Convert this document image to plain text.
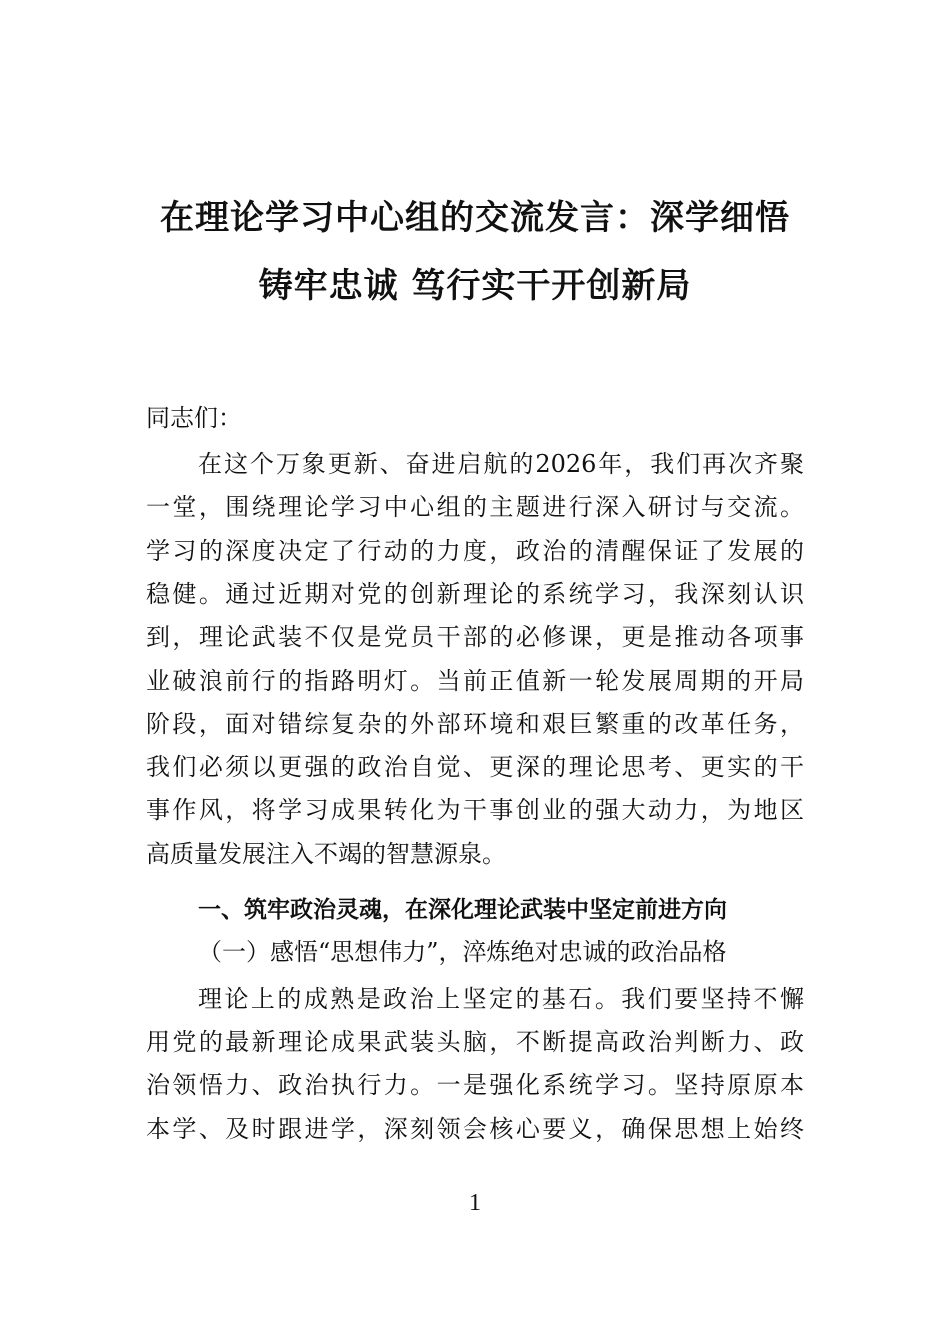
在理论学习中心组的交流发言：深学细悟
铸牢忠诚 笃行实干开创新局
同志们：
在这个万象更新、奋进启航的2026年，我们再次齐聚
一堂，围绕理论学习中心组的主题进行深入研讨与交流。
学习的深度决定了行动的力度，政治的清醒保证了发展的
稳健。通过近期对党的创新理论的系统学习，我深刻认识
到，理论武装不仅是党员干部的必修课，更是推动各项事
业破浪前行的指路明灯。当前正值新一轮发展周期的开局
阶段，面对错综复杂的外部环境和艰巨繁重的改革任务，
我们必须以更强的政治自觉、更深的理论思考、更实的干
事作风，将学习成果转化为干事创业的强大动力，为地区
高质量发展注入不竭的智慧源泉。
一、筑牢政治灵魂，在深化理论武装中坚定前进方向
（一）感悟“思想伟力”，淬炼绝对忠诚的政治品格
理论上的成熟是政治上坚定的基石。我们要坚持不懈
用党的最新理论成果武装头脑，不断提高政治判断力、政
治领悟力、政治执行力。一是强化系统学习。坚持原原本
本学、及时跟进学，深刻领会核心要义，确保思想上始终
1
